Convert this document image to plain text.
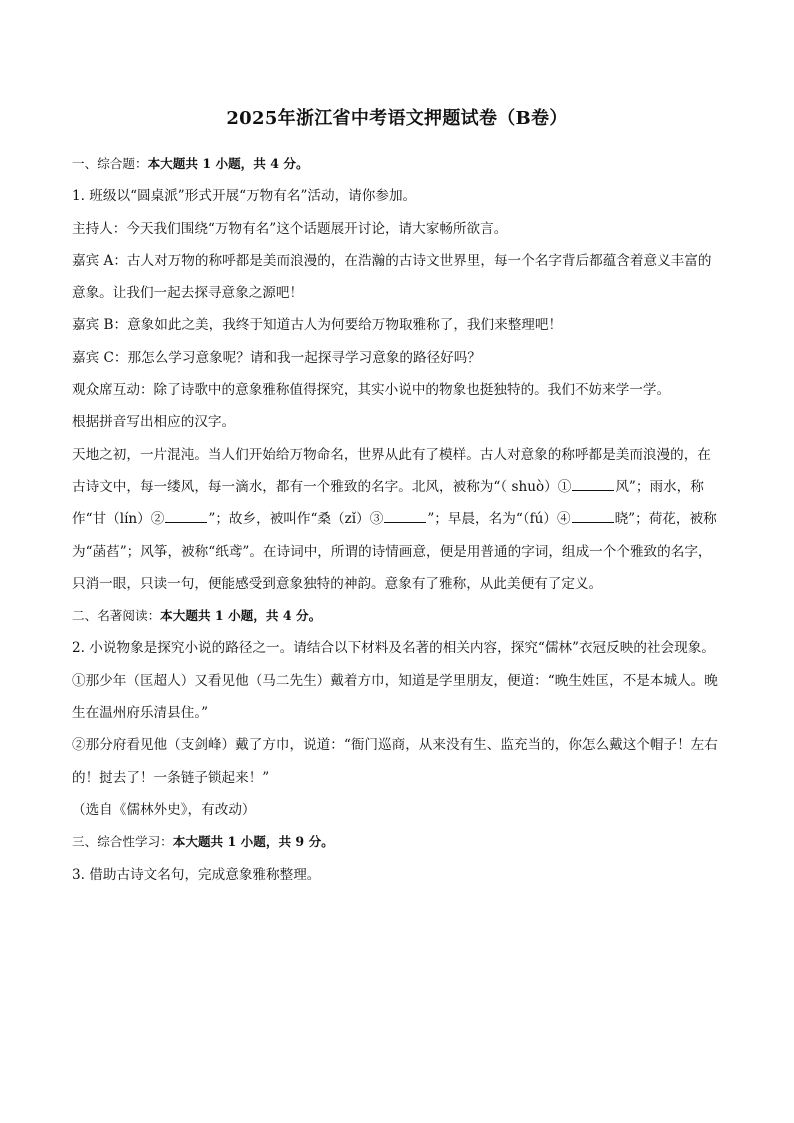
2025年浙江省中考语文押题试卷（B卷）

一、综合题：本大题共 1 小题，共 4 分。

1. 班级以“圆桌派”形式开展“万物有名”活动，请你参加。

主持人：今天我们围绕“万物有名”这个话题展开讨论，请大家畅所欲言。

嘉宾 A：古人对万物的称呼都是美而浪漫的，在浩瀚的古诗文世界里，每一个名字背后都蕴含着意义丰富的意象。让我们一起去探寻意象之源吧！

嘉宾 B：意象如此之美，我终于知道古人为何要给万物取雅称了，我们来整理吧！

嘉宾 C：那怎么学习意象呢？请和我一起探寻学习意象的路径好吗？

观众席互动：除了诗歌中的意象雅称值得探究，其实小说中的物象也挺独特的。我们不妨来学一学。

根据拼音写出相应的汉字。

天地之初，一片混沌。当人们开始给万物命名，世界从此有了模样。古人对意象的称呼都是美而浪漫的，在古诗文中，每一缕风，每一滴水，都有一个雅致的名字。北风，被称为“（ shuò）①	风”；雨水，称作“甘（lín）②	”；故乡，被叫作“桑（zǐ）③	”；早晨，名为“（fú）④	晓”；荷花，被称为“菡萏”；风筝，被称“纸鸢”。在诗词中，所谓的诗情画意，便是用普通的字词，组成一个个雅致的名字，只消一眼，只读一句，便能感受到意象独特的神韵。意象有了雅称，从此美便有了定义。

二、名著阅读：本大题共 1 小题，共 4 分。

2. 小说物象是探究小说的路径之一。请结合以下材料及名著的相关内容，探究“儒林”衣冠反映的社会现象。

①那少年（匡超人）又看见他（马二先生）戴着方巾，知道是学里朋友，便道：“晚生姓匡，不是本城人。晚生在温州府乐清县住。”

②那分府看见他（支剑峰）戴了方巾，说道：“衙门巡商，从来没有生、监充当的，你怎么戴这个帽子！左右的！挝去了！一条链子锁起来！”

（选自《儒林外史》，有改动）

三、综合性学习：本大题共 1 小题，共 9 分。

3. 借助古诗文名句，完成意象雅称整理。
